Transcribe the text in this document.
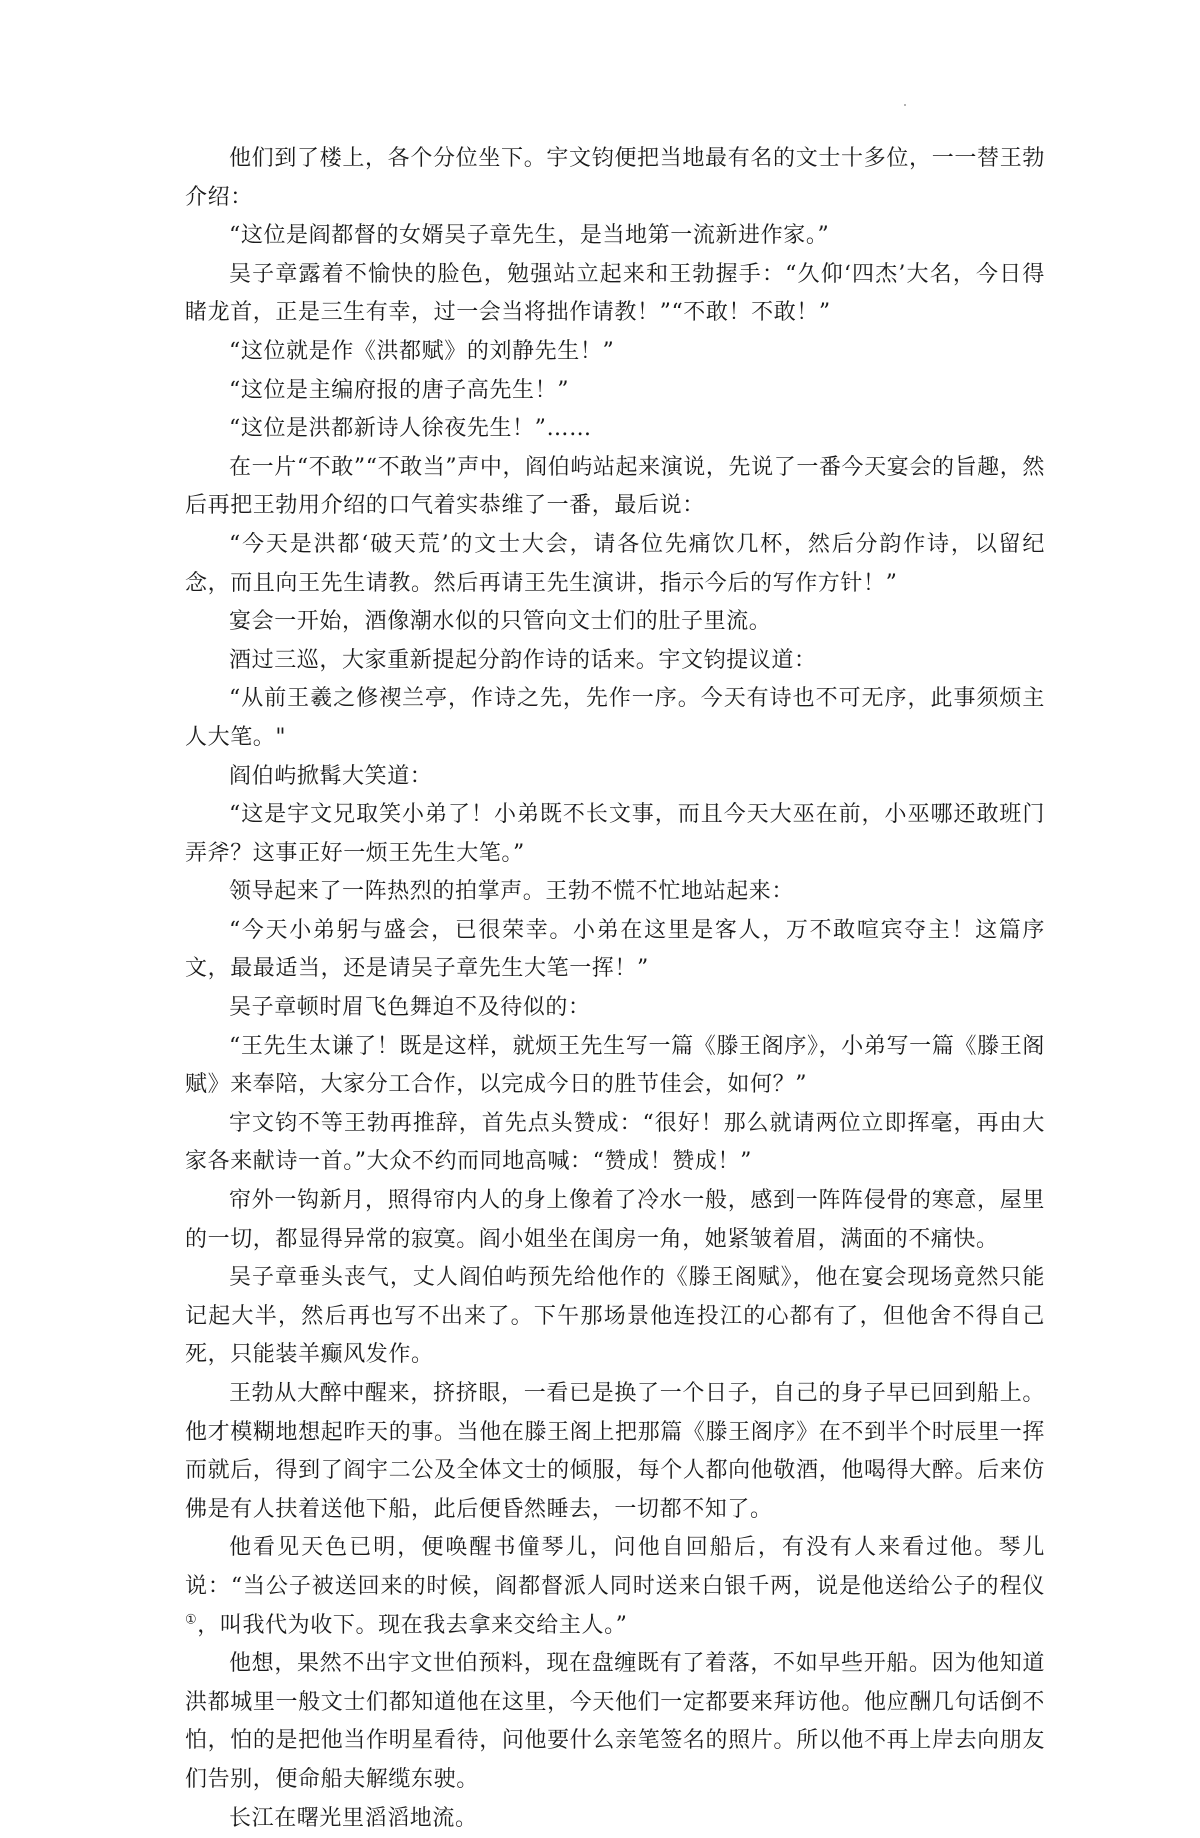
他们到了楼上，各个分位坐下。宇文钧便把当地最有名的文士十多位，一一替王勃介绍：

“这位是阎都督的女婿吴子章先生，是当地第一流新进作家。”

吴子章露着不愉快的脸色，勉强站立起来和王勃握手：“久仰‘四杰’大名，今日得睹龙首，正是三生有幸，过一会当将拙作请教！”“不敢！不敢！”

“这位就是作《洪都赋》的刘静先生！”

“这位是主编府报的唐子高先生！”

“这位是洪都新诗人徐夜先生！”……

在一片“不敢”“不敢当”声中，阎伯屿站起来演说，先说了一番今天宴会的旨趣，然后再把王勃用介绍的口气着实恭维了一番，最后说：

“今天是洪都‘破天荒’的文士大会，请各位先痛饮几杯，然后分韵作诗，以留纪念，而且向王先生请教。然后再请王先生演讲，指示今后的写作方针！”

宴会一开始，酒像潮水似的只管向文士们的肚子里流。

酒过三巡，大家重新提起分韵作诗的话来。宇文钧提议道：

“从前王羲之修禊兰亭，作诗之先，先作一序。今天有诗也不可无序，此事须烦主人大笔。"

阎伯屿掀髯大笑道：

“这是宇文兄取笑小弟了！小弟既不长文事，而且今天大巫在前，小巫哪还敢班门弄斧？这事正好一烦王先生大笔。”

领导起来了一阵热烈的拍掌声。王勃不慌不忙地站起来：

“今天小弟躬与盛会，已很荣幸。小弟在这里是客人，万不敢喧宾夺主！这篇序文，最最适当，还是请吴子章先生大笔一挥！”

吴子章顿时眉飞色舞迫不及待似的：

“王先生太谦了！既是这样，就烦王先生写一篇《滕王阁序》，小弟写一篇《滕王阁赋》来奉陪，大家分工合作，以完成今日的胜节佳会，如何？”

宇文钧不等王勃再推辞，首先点头赞成：“很好！那么就请两位立即挥毫，再由大家各来献诗一首。”大众不约而同地高喊：“赞成！赞成！”

帘外一钩新月，照得帘内人的身上像着了冷水一般，感到一阵阵侵骨的寒意，屋里的一切，都显得异常的寂寞。阎小姐坐在闺房一角，她紧皱着眉，满面的不痛快。

吴子章垂头丧气，丈人阎伯屿预先给他作的《滕王阁赋》，他在宴会现场竟然只能记起大半，然后再也写不出来了。下午那场景他连投江的心都有了，但他舍不得自己死，只能装羊癫风发作。

王勃从大醉中醒来，挤挤眼，一看已是换了一个日子，自己的身子早已回到船上。他才模糊地想起昨天的事。当他在滕王阁上把那篇《滕王阁序》在不到半个时辰里一挥而就后，得到了阎宇二公及全体文士的倾服，每个人都向他敬酒，他喝得大醉。后来仿佛是有人扶着送他下船，此后便昏然睡去，一切都不知了。

他看见天色已明，便唤醒书僮琴儿，问他自回船后，有没有人来看过他。琴儿说：“当公子被送回来的时候，阎都督派人同时送来白银千两，说是他送给公子的程仪①，叫我代为收下。现在我去拿来交给主人。”

他想，果然不出宇文世伯预料，现在盘缠既有了着落，不如早些开船。因为他知道洪都城里一般文士们都知道他在这里，今天他们一定都要来拜访他。他应酬几句话倒不怕，怕的是把他当作明星看待，问他要什么亲笔签名的照片。所以他不再上岸去向朋友们告别，便命船夫解缆东驶。

长江在曙光里滔滔地流。
